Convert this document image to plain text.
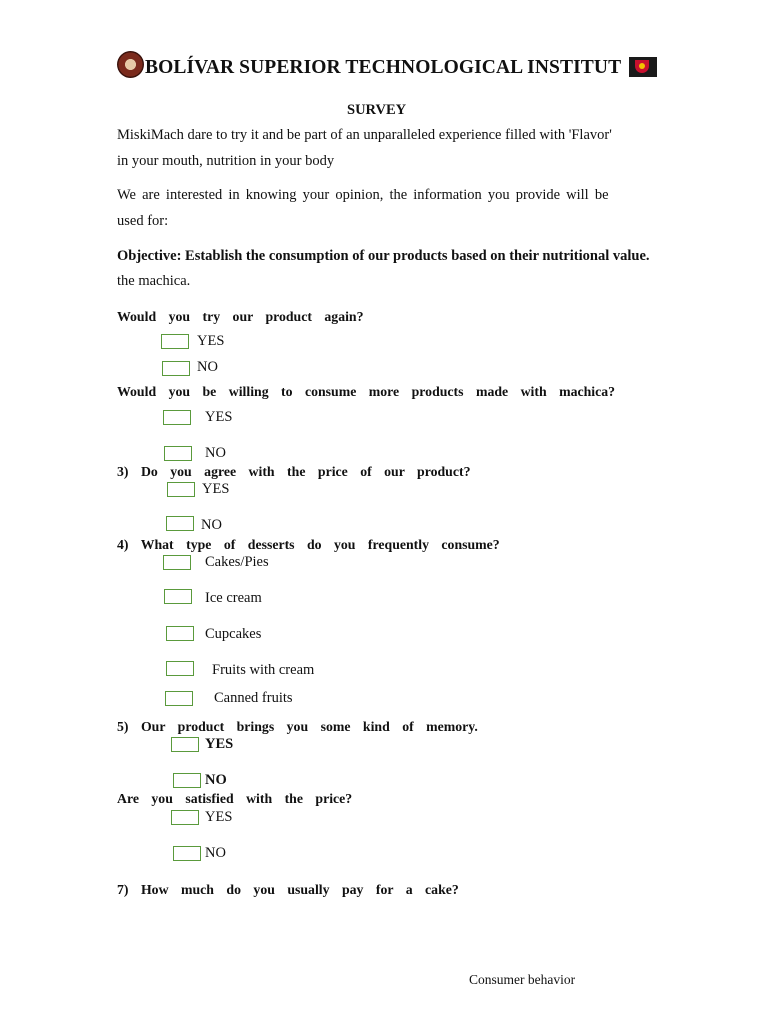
BOLÍVAR SUPERIOR TECHNOLOGICAL INSTITUT
SURVEY
MiskiMach dare to try it and be part of an unparalleled experience filled with 'Flavor'
in your mouth, nutrition in your body
We are interested in knowing your opinion, the information you provide will be
used for:
Objective: Establish the consumption of our products based on their nutritional value.
the machica.
Would you try our product again?
YES
NO
Would you be willing to consume more products made with machica?
YES
NO
3) Do you agree with the price of our product?
YES
NO
4) What type of desserts do you frequently consume?
Cakes/Pies
Ice cream
Cupcakes
Fruits with cream
Canned fruits
5) Our product brings you some kind of memory.
YES
NO
Are you satisfied with the price?
YES
NO
7) How much do you usually pay for a cake?
Consumer behavior
